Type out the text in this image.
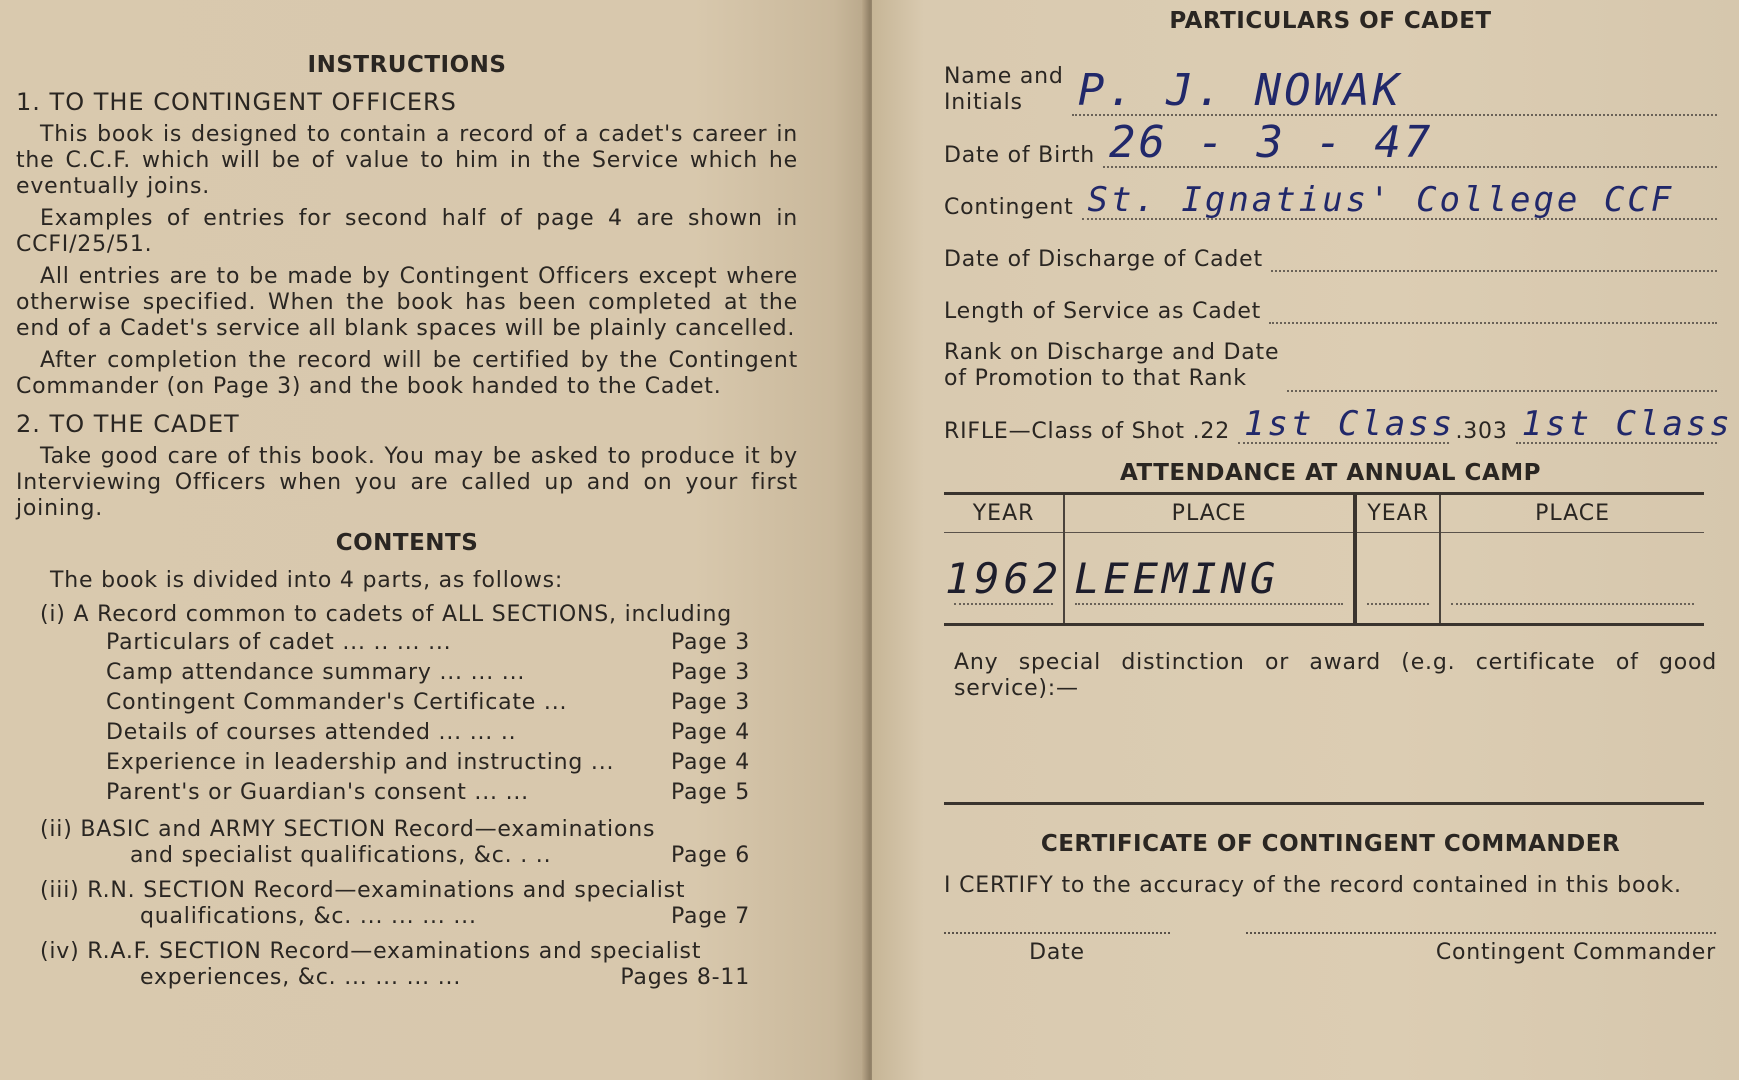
INSTRUCTIONS

1. TO THE CONTINGENT OFFICERS

This book is designed to contain a record of a cadet's career in the C.C.F. which will be of value to him in the Service which he eventually joins.

Examples of entries for second half of page 4 are shown in CCFI/25/51.

All entries are to be made by Contingent Officers except where otherwise specified. When the book has been completed at the end of a Cadet's service all blank spaces will be plainly cancelled.

After completion the record will be certified by the Contingent Commander (on Page 3) and the book handed to the Cadet.

2. TO THE CADET

Take good care of this book. You may be asked to produce it by Interviewing Officers when you are called up and on your first joining.

CONTENTS

The book is divided into 4 parts, as follows:

(i) A Record common to cadets of ALL SECTIONS, including

Particulars of cadet ... .. ... ...	Page 3
Camp attendance summary ... ... ...	Page 3
Contingent Commander's Certificate ...	Page 3
Details of courses attended ... ... ..	Page 4
Experience in leadership and instructing ...	Page 4
Parent's or Guardian's consent ... ...	Page 5

(ii) BASIC and ARMY SECTION Record—examinations

and specialist qualifications, &c. . ..	Page 6

(iii) R.N. SECTION Record—examinations and specialist

qualifications, &c. ... ... ... ...	Page 7

(iv) R.A.F. SECTION Record—examinations and specialist

experiences, &c. ... ... ... ...	Pages 8-11

PARTICULARS OF CADET

Name and
Initials	P. J. NOWAK
Date of Birth 26 - 3 - 47
Contingent St. Ignatius' College CCF
Date of Discharge of Cadet
Length of Service as Cadet
Rank on Discharge and Date
of Promotion to that Rank
RIFLE—Class of Shot .22 1st Class .303 1st Class

ATTENDANCE AT ANNUAL CAMP

YEAR	PLACE	YEAR	PLACE
1962	LEEMING

Any special distinction or award (e.g. certificate of good service):—

CERTIFICATE OF CONTINGENT COMMANDER

I CERTIFY to the accuracy of the record contained in this book.

Date	Contingent Commander
